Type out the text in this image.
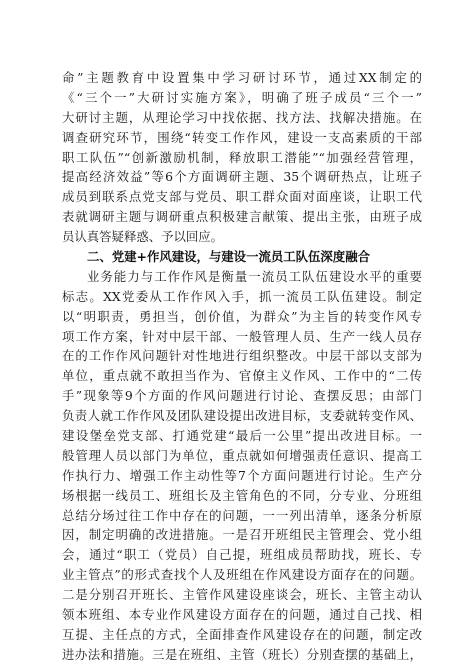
命”主题教育中设置集中学习研讨环节，通过XX制定的
《“三个一”大研讨实施方案》，明确了班子成员“三个一”
大研讨主题，从理论学习中找依据、找方法、找解决措施。在
调查研究环节，围绕“转变工作作风，建设一支高素质的干部
职工队伍”“创新激励机制，释放职工潜能”“加强经营管理，
提高经济效益”等6个方面调研主题、35个调研热点，让班子
成员到联系点党支部与党员、职工群众面对面座谈，让职工代
表就调研主题与调研重点积极建言献策、提出主张，由班子成
员认真答疑释惑、予以回应。
二、党建+作风建设，与建设一流员工队伍深度融合
业务能力与工作作风是衡量一流员工队伍建设水平的重要
标志。XX党委从工作作风入手，抓一流员工队伍建设。制定
以“明职责，勇担当，创价值，为群众”为主旨的转变作风专
项工作方案，针对中层干部、一般管理人员、生产一线人员存
在的工作作风问题针对性地进行组织整改。中层干部以支部为
单位，重点就不敢担当作为、官僚主义作风、工作中的“二传
手”现象等9个方面的作风问题进行讨论、查摆反思；由部门
负责人就工作作风及团队建设提出改进目标，支委就转变作风、
建设堡垒党支部、打通党建“最后一公里”提出改进目标。一
般管理人员以部门为单位，重点就如何增强责任意识、提高工
作执行力、增强工作主动性等7个方面问题进行讨论。生产分
场根据一线员工、班组长及主管角色的不同，分专业、分班组
总结分场过往工作中存在的问题，一一列出清单，逐条分析原
因，制定明确的改进措施。一是召开班组民主管理会、党小组
会，通过“职工（党员）自己提，班组成员帮助找，班长、专
业主管点”的形式查找个人及班组在作风建设方面存在的问题。
二是分别召开班长、主管作风建设座谈会，班长、主管主动认
领本班组、本专业作风建设方面存在的问题，通过自己找、相
互提、主任点的方式，全面排查作风建设存在的问题，制定改
进办法和措施。三是在班组、主管（班长）分别查摆的基础上，
